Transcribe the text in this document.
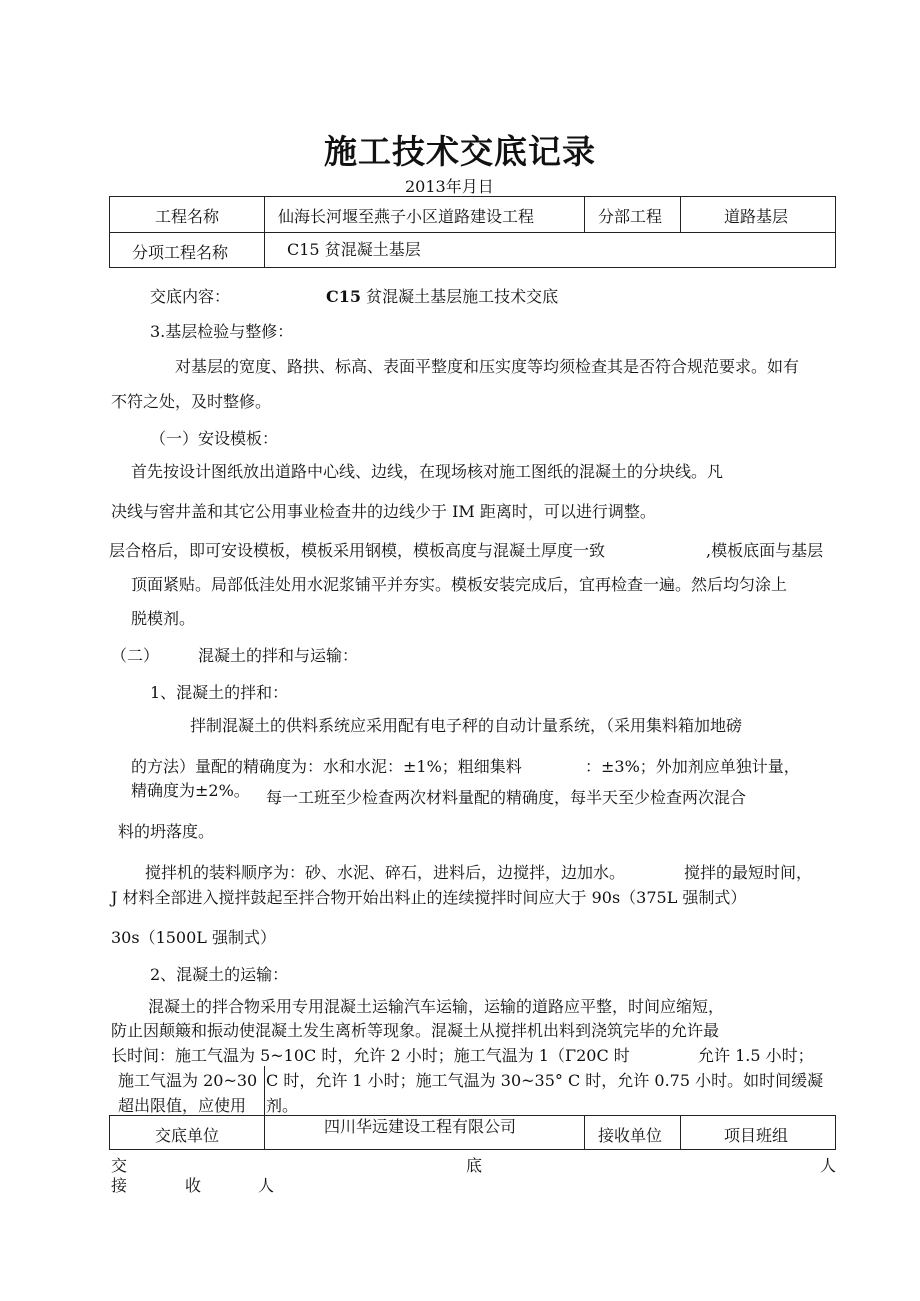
施工技术交底记录
2013年月日
工程名称	仙海长河堰至燕子小区道路建设工程	分部工程	道路基层
分项工程名称	C15 贫混凝土基层
交底内容：	C15 贫混凝土基层施工技术交底
3.基层检验与整修：
对基层的宽度、路拱、标高、表面平整度和压实度等均须检查其是否符合规范要求。如有
不符之处，及时整修。
（一）安设模板：
首先按设计图纸放出道路中心线、边线，在现场核对施工图纸的混凝土的分块线。凡
决线与窖井盖和其它公用事业检查井的边线少于 IM 距离时，可以进行调整。
层合格后，即可安设模板，模板采用钢模，模板高度与混凝土厚度一致	,模板底面与基层
顶面紧贴。局部低洼处用水泥浆铺平并夯实。模板安装完成后，宜再检查一遍。然后均匀涂上
脱模剂。
（二） 混凝土的拌和与运输：
1、混凝土的拌和：
拌制混凝土的供料系统应采用配有电子秤的自动计量系统，（采用集料箱加地磅
的方法）量配的精确度为：水和水泥：±1%；粗细集料	：±3%；外加剂应单独计量，
精确度为±2%。 每一工班至少检查两次材料量配的精确度，每半天至少检查两次混合
料的坍落度。
搅拌机的装料顺序为：砂、水泥、碎石，进料后，边搅拌，边加水。	搅拌的最短时间，
J 材料全部进入搅拌鼓起至拌合物开始出料止的连续搅拌时间应大于 90s（375L 强制式）
30s（1500L 强制式）
2、混凝土的运输：
混凝土的拌合物采用专用混凝土运输汽车运输，运输的道路应平整，时间应缩短，
防止因颠簸和振动使混凝土发生离析等现象。混凝土从搅拌机出料到浇筑完毕的允许最
长时间：施工气温为 5~10C 时，允许 2 小时；施工气温为 1（Γ20C 时	允许 1.5 小时；
施工气温为 20~30 C 时，允许 1 小时；施工气温为 30~35° C 时，允许 0.75 小时。如时间缓凝
超出限值，应使用 剂。
交底单位	四川华远建设工程有限公司	接收单位	项目班组
交	底	人
接	收	人
